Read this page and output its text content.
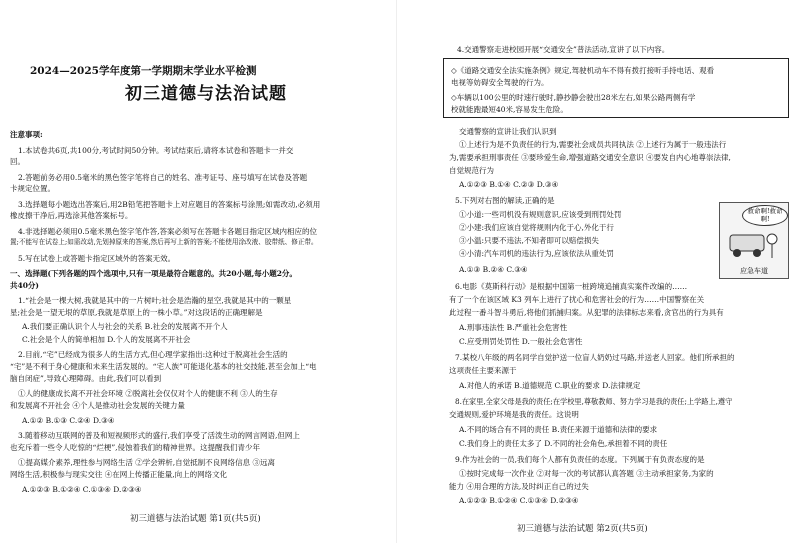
2024—2025学年度第一学期期末学业水平检测
初三道德与法治试题
注意事项:
1.本试卷共6页,共100分,考试时间50分钟。考试结束后,请将本试卷和答题卡一并交
回。
2.答题前务必用0.5毫米的黑色签字笔将自己的姓名、准考证号、座号填写在试卷及答题
卡规定位置。
3.选择题每小题选出答案后,用2B铅笔把答题卡上对应题目的答案标号涂黑;如需改动,必须用
橡皮擦干净后,再选涂其他答案标号。
4.非选择题必须用0.5毫米黑色签字笔作答,答案必须写在答题卡各题目指定区域内相应的位
置;不能写在试卷上;如需改动,先划掉原来的答案,然后再写上新的答案;不能使用涂改液、胶带纸、修正带。
5.写在试卷上或答题卡指定区域外的答案无效。
一、选择题(下列各题的四个选项中,只有一项是最符合题意的。共20小题,每小题2分。
共40分)
1.“社会是一棵大树,我就是其中的一片树叶;社会是浩瀚的星空,我就是其中的一颗星
星;社会是一望无垠的草原,我就是草原上的一株小草。”对这段话的正确理解是
A.我们要正确认识个人与社会的关系 B.社会的发展离不开个人
C.社会是个人的简单相加 D.个人的发展离不开社会
2.目前,“宅”已经成为很多人的生活方式,但心理学家指出:这种过于脱离社会生活的
“宅”是不利于身心健康和未来生活发展的。“宅人族”可能退化基本的社交技能,甚至会加上“电
脑自闭症”,导致心理障碍。由此,我们可以看到
①人的健康成长离不开社会环境 ②脱离社会仅仅对个人的健康不利 ③人的生存
和发展离不开社会 ④个人是推动社会发展的关键力量
A.①② B.①③ C.②④ D.③④
3.随着移动互联网的普及和短视频形式的盛行,我们享受了活泼生动的网言网语,但网上
也充斥着一些令人吃惊的“烂梗”,侵蚀着我们的精神世界。这提醒我们青少年
①提高媒介素养,理性参与网络生活 ②学会辨析,自觉抵制不良网络信息 ③远离
网络生活,积极参与现实交往 ④在网上传播正能量,向上的网络文化
A.①②③ B.①②④ C.①③④ D.②③④
初三道德与法治试题 第1页(共5页)
4.交通警察走进校园开展“交通安全”普法活动,宣讲了以下内容。
◇《道路交通安全法实施条例》规定,驾驶机动车不得有拨打接听手持电话、观看
电视等妨碍安全驾驶的行为。
◇车辆以100公里的时速行驶时,静抄静会驶出28米左右,如果公路两侧有学
校就能跑最短40米,容易发生危险。
交通警察的宣讲让我们认识到
①上述行为是不负责任的行为,需要社会成员共同执法 ②上述行为属于一般违法行
为,需要承担刑事责任 ③要珍爱生命,增强道路交通安全意识 ④要发自内心地尊崇法律,
自觉规范行为
A.①②③ B.①④ C.②③ D.③④
5.下列对右图的解读,正确的是
①小道:一些司机没有规则意识,应该受到刑罚处罚
②小建:我们应该自觉将规则内化于心,外化于行
③小温:只要不违法,不知者即可以赔偿损失
④小清:汽车司机的违法行为,应该依法从重处罚
A.①③ B.②④ C.③④
救命啊!救命啊!
应急车道
6.电影《莫斯科行动》是根据中国第一桩跨境追捕真实案件改编的……
有了一个在该区域 K3 列车上进行了扰心和危害社会的行为……中国警察在关
此过程一番斗智斗勇后,将他们抓捕归案。从犯罪的法律标志来看,贪官出的行为具有
A.刑事违法性 B.严重社会危害性
C.应受刑罚处罚性 D.一般社会危害性
7.某校八年级的两名同学自觉护送一位盲人奶奶过马路,并送老人回家。他们所承担的
这项责任主要来源于
A.对他人的承诺 B.道德规范 C.职业的要求 D.法律规定
8.在家里,全家父母是我的责任;在学校里,尊敬教师、努力学习是我的责任;上学路上,遵守
交通规则,爱护环境是我的责任。这说明
A.不同的场合有不同的责任 B.责任来源于道德和法律的要求
C.我们身上的责任太多了 D.不同的社会角色,承担着不同的责任
9.作为社会的一员,我们每个人都有负责任的态度。下列属于有负责态度的是
①按时完成每一次作业 ②对每一次的考试都认真答题 ③主动承担家务,为家的
能力 ④用合理的方法,及时纠正自己的过失
A.①②③ B.①②④ C.①③④ D.②③④
初三道德与法治试题 第2页(共5页)
